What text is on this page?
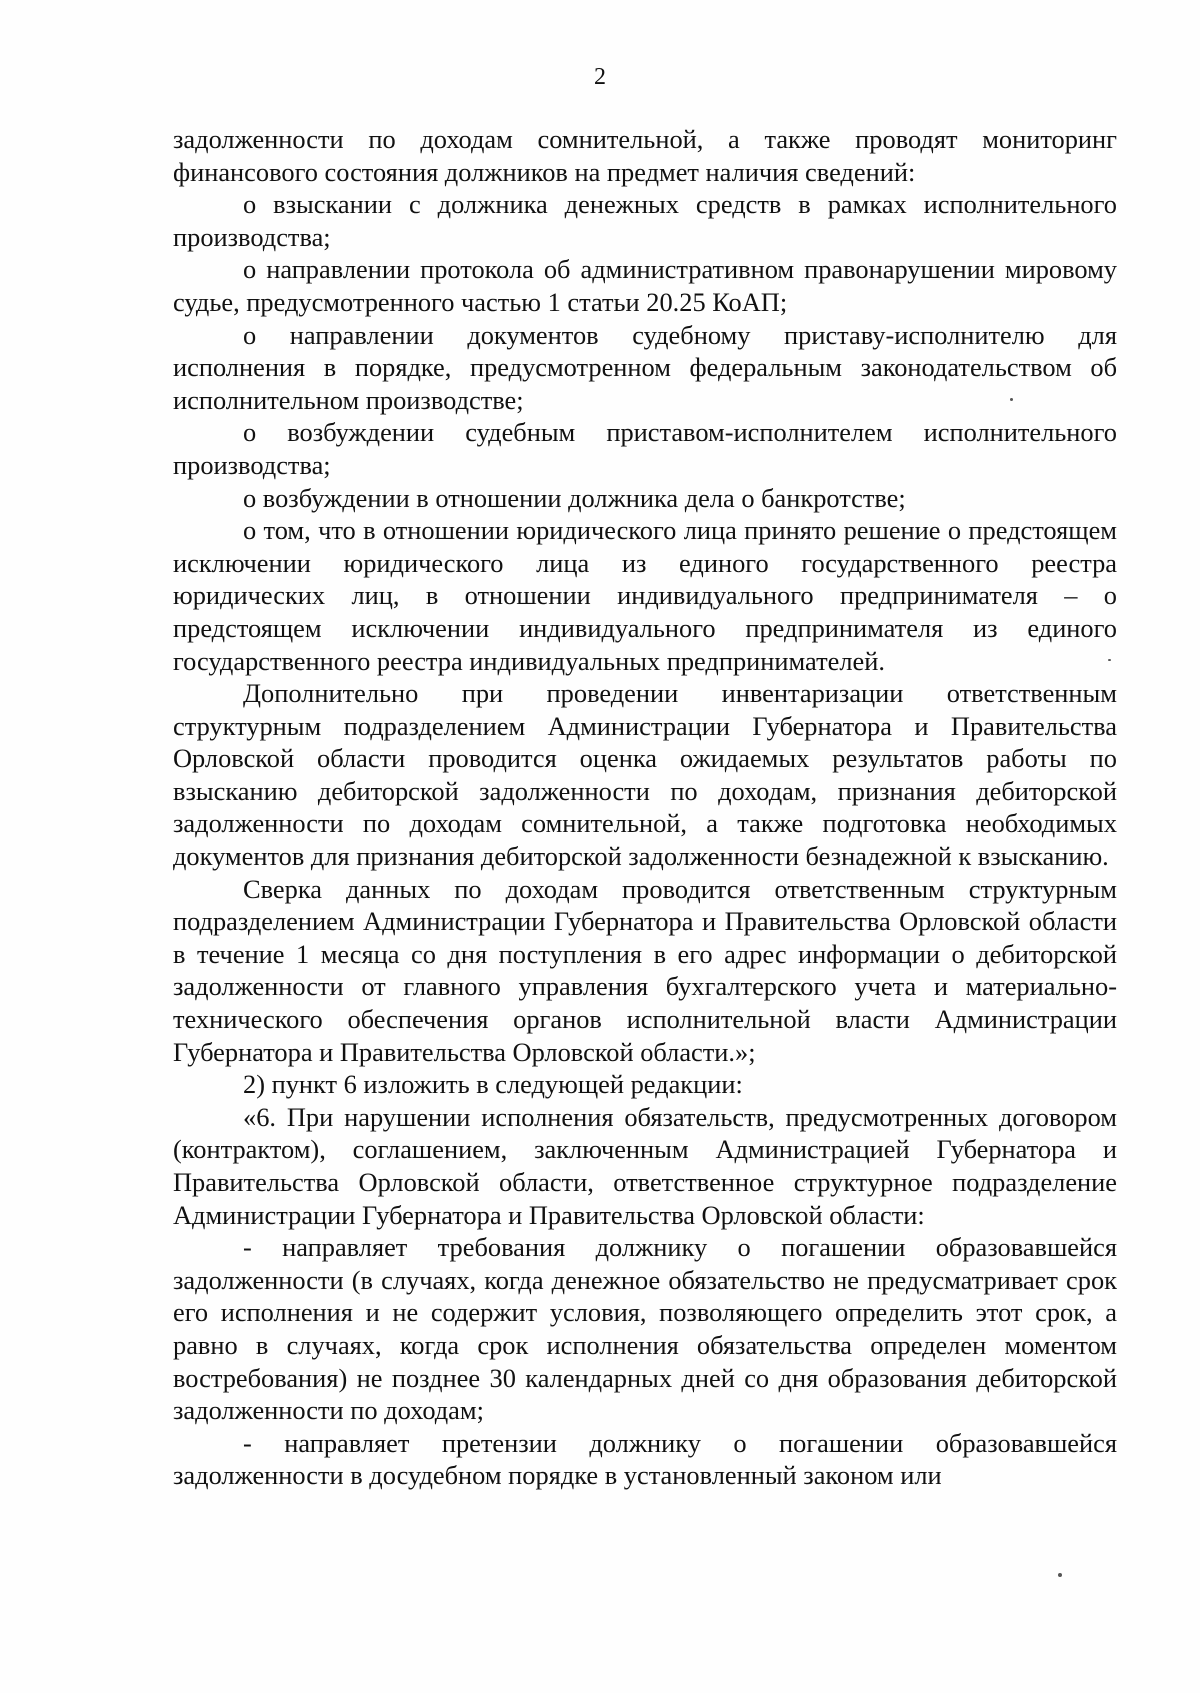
2

задолженности по доходам сомнительной, а также проводят мониторинг финансового состояния должников на предмет наличия сведений:

о взыскании с должника денежных средств в рамках исполнительного производства;

о направлении протокола об административном правонарушении мировому судье, предусмотренного частью 1 статьи 20.25 КоАП;

о направлении документов судебному приставу-исполнителю для исполнения в порядке, предусмотренном федеральным законодательством об исполнительном производстве;

о возбуждении судебным приставом-исполнителем исполнительного производства;

о возбуждении в отношении должника дела о банкротстве;

о том, что в отношении юридического лица принято решение о предстоящем исключении юридического лица из единого государственного реестра юридических лиц, в отношении индивидуального предпринимателя – о предстоящем исключении индивидуального предпринимателя из единого государственного реестра индивидуальных предпринимателей.

Дополнительно при проведении инвентаризации ответственным структурным подразделением Администрации Губернатора и Правительства Орловской области проводится оценка ожидаемых результатов работы по взысканию дебиторской задолженности по доходам, признания дебиторской задолженности по доходам сомнительной, а также подготовка необходимых документов для признания дебиторской задолженности безнадежной к взысканию.

Сверка данных по доходам проводится ответственным структурным подразделением Администрации Губернатора и Правительства Орловской области в течение 1 месяца со дня поступления в его адрес информации о дебиторской задолженности от главного управления бухгалтерского учета и материально-технического обеспечения органов исполнительной власти Администрации Губернатора и Правительства Орловской области.»;

2) пункт 6 изложить в следующей редакции:

«6. При нарушении исполнения обязательств, предусмотренных договором (контрактом), соглашением, заключенным Администрацией Губернатора и Правительства Орловской области, ответственное структурное подразделение Администрации Губернатора и Правительства Орловской области:

- направляет требования должнику о погашении образовавшейся задолженности (в случаях, когда денежное обязательство не предусматривает срок его исполнения и не содержит условия, позволяющего определить этот срок, а равно в случаях, когда срок исполнения обязательства определен моментом востребования) не позднее 30 календарных дней со дня образования дебиторской задолженности по доходам;

- направляет претензии должнику о погашении образовавшейся задолженности в досудебном порядке в установленный законом или
